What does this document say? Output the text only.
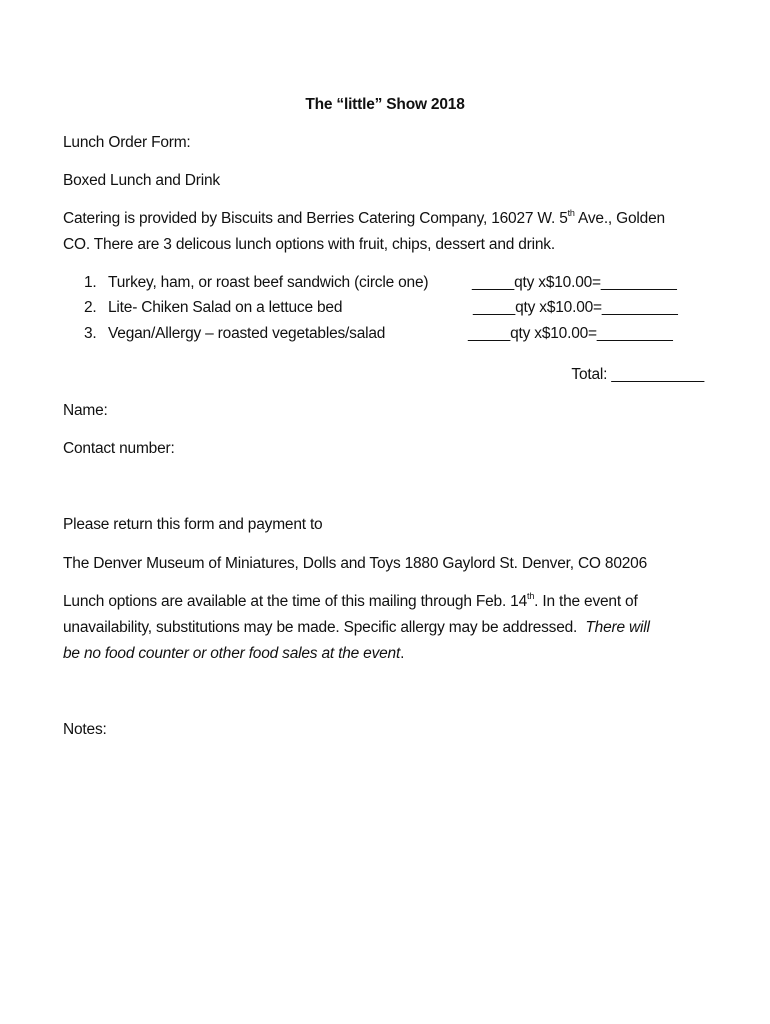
The “little” Show 2018
Lunch Order Form:
Boxed Lunch and Drink
Catering is provided by Biscuits and Berries Catering Company, 16027 W. 5th Ave., Golden
CO. There are 3 delicous lunch options with fruit, chips, dessert and drink.
1. Turkey, ham, or roast beef sandwich (circle one)	_____qty x$10.00=_________
2. Lite- Chiken Salad on a lettuce bed	_____qty x$10.00=_________
3. Vegan/Allergy – roasted vegetables/salad	_____qty x$10.00=_________
Total: ___________
Name:
Contact number:
Please return this form and payment to
The Denver Museum of Miniatures, Dolls and Toys 1880 Gaylord St. Denver, CO 80206
Lunch options are available at the time of this mailing through Feb. 14th. In the event of
unavailability, substitutions may be made. Specific allergy may be addressed.  There will
be no food counter or other food sales at the event.
Notes:
